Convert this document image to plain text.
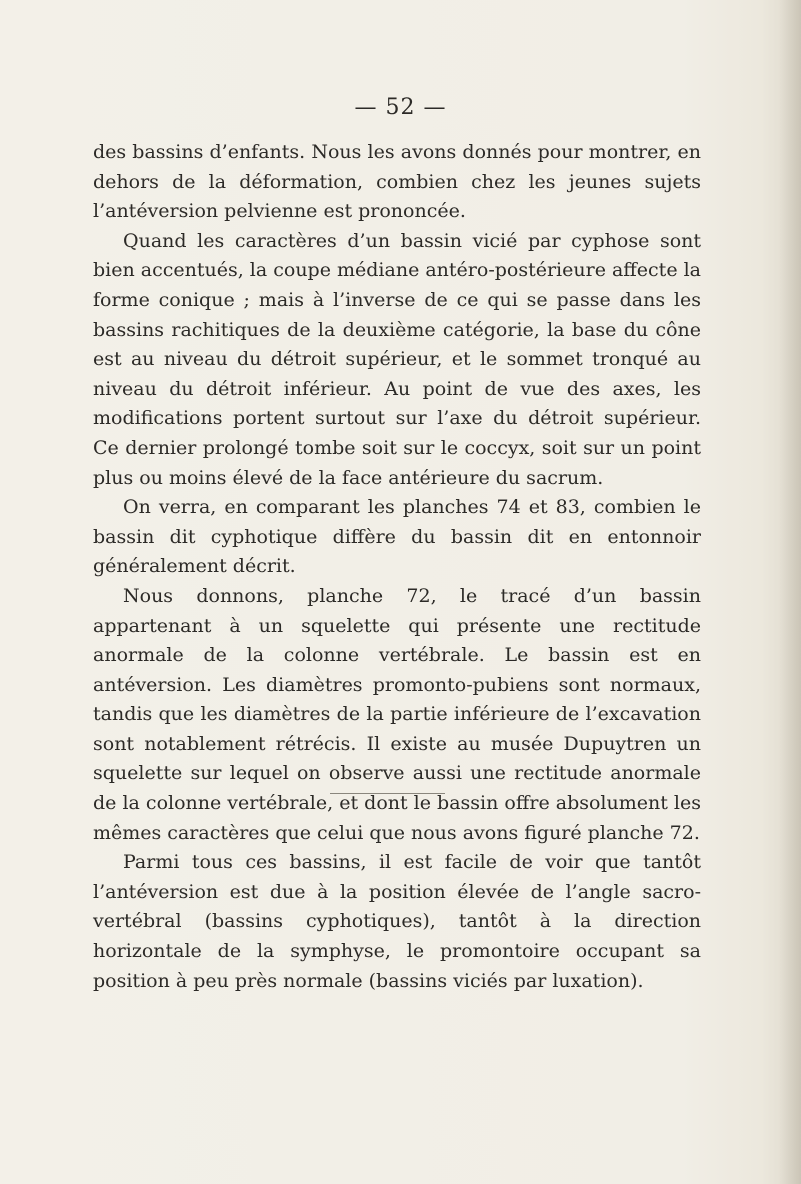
— 52 —

des bassins d’enfants. Nous les avons donnés pour montrer, en dehors de la déformation, combien chez les jeunes sujets l’antéversion pelvienne est prononcée.

Quand les caractères d’un bassin vicié par cyphose sont bien accentués, la coupe médiane antéro-postérieure affecte la forme conique ; mais à l’inverse de ce qui se passe dans les bassins rachitiques de la deuxième catégorie, la base du cône est au niveau du détroit supérieur, et le sommet tronqué au niveau du détroit inférieur. Au point de vue des axes, les modifications portent surtout sur l’axe du détroit supérieur. Ce dernier prolongé tombe soit sur le coccyx, soit sur un point plus ou moins élevé de la face antérieure du sacrum.

On verra, en comparant les planches 74 et 83, combien le bassin dit cyphotique diffère du bassin dit en entonnoir généralement décrit.

Nous donnons, planche 72, le tracé d’un bassin appartenant à un squelette qui présente une rectitude anormale de la colonne vertébrale. Le bassin est en antéversion. Les diamètres promonto-pubiens sont normaux, tandis que les diamètres de la partie inférieure de l’excavation sont notablement rétrécis. Il existe au musée Dupuytren un squelette sur lequel on observe aussi une rectitude anormale de la colonne vertébrale, et dont le bassin offre absolument les mêmes caractères que celui que nous avons figuré planche 72.

Parmi tous ces bassins, il est facile de voir que tantôt l’antéversion est due à la position élevée de l’angle sacro-vertébral (bassins cyphotiques), tantôt à la direction horizontale de la symphyse, le promontoire occupant sa position à peu près normale (bassins viciés par luxation).
